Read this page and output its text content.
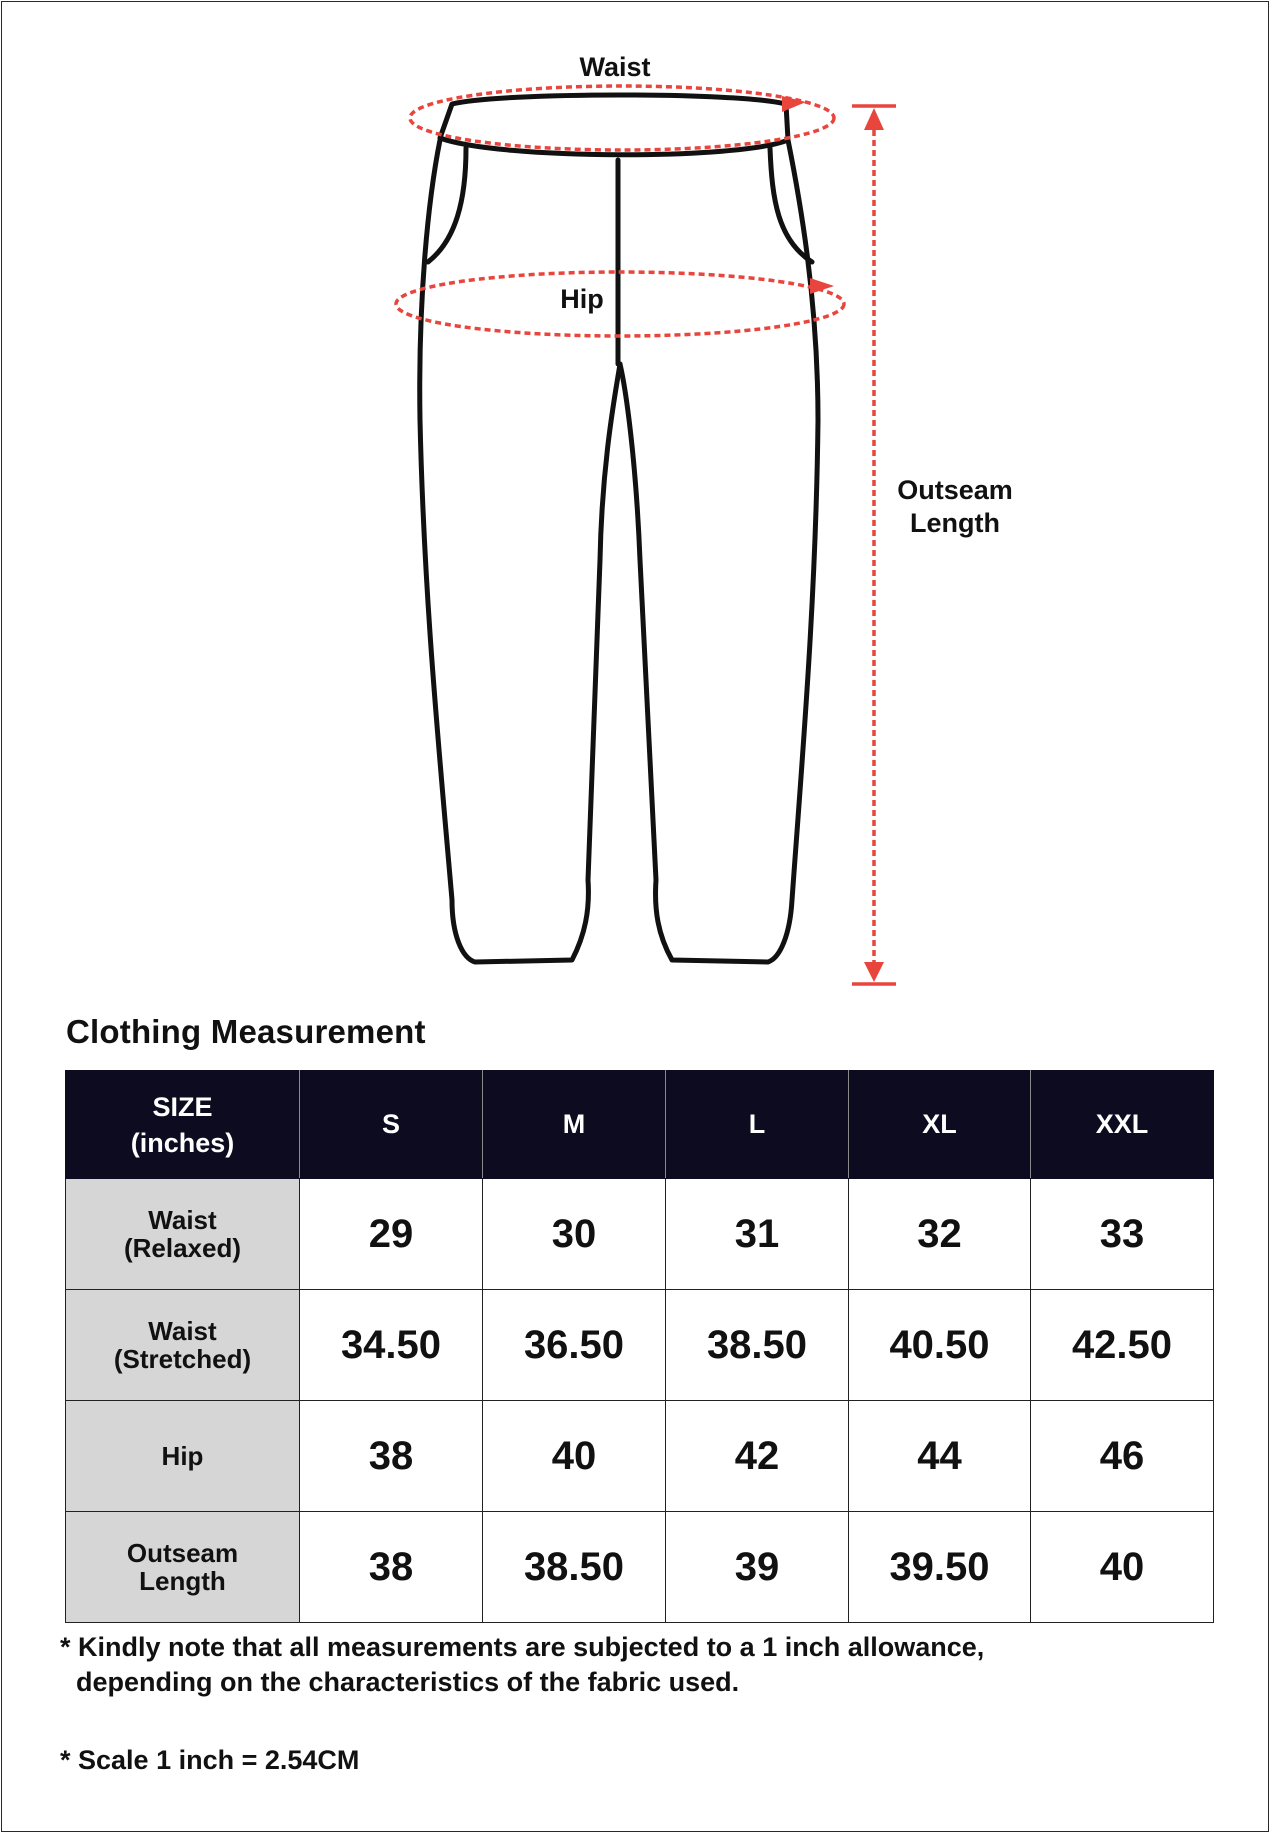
Waist
Hip
Outseam
Length
Clothing Measurement
SIZE
(inches)	S	M	L	XL	XXL

Waist
(Relaxed)	29	30	31	32	33

Waist
(Stretched)	34.50	36.50	38.50	40.50	42.50

Hip	38	40	42	44	46

Outseam
Length	38	38.50	39	39.50	40
* Kindly note that all measurements are subjected to a 1 inch allowance,
depending on the characteristics of the fabric used.
* Scale 1 inch = 2.54CM
